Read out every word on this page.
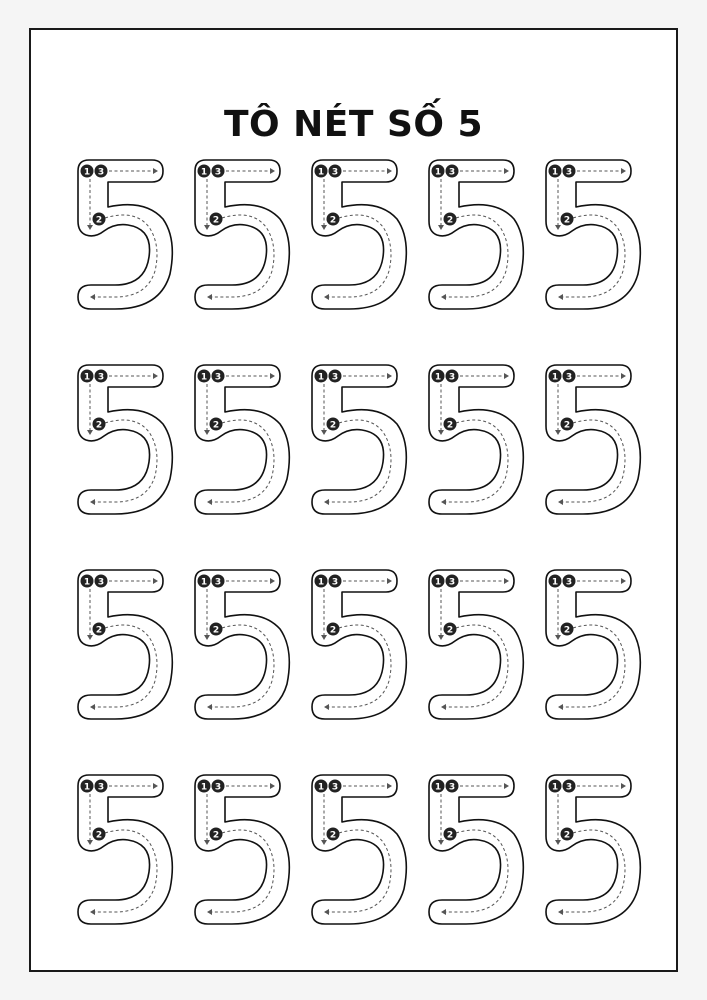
TÔ NÉT SỐ 5
1 3
2
1 3
2
1 3
2
1 3
2
1 3
2
1 3
2
1 3
2
1 3
2
1 3
2
1 3
2
1 3
2
1 3
2
1 3
2
1 3
2
1 3
2
1 3
2
1 3
2
1 3
2
1 3
2
1 3
2
